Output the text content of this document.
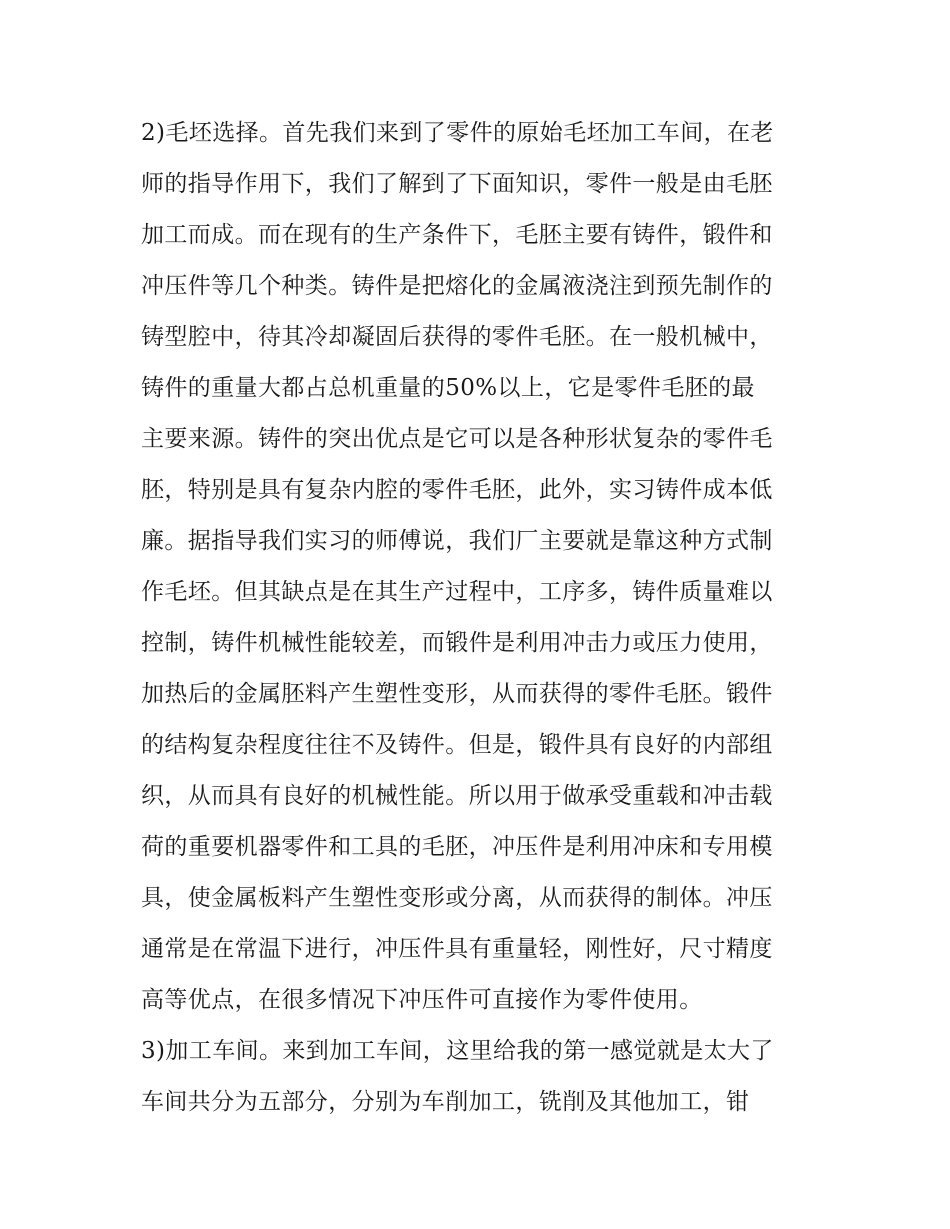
2)毛坯选择。首先我们来到了零件的原始毛坯加工车间，在老
师的指导作用下，我们了解到了下面知识，零件一般是由毛胚
加工而成。而在现有的生产条件下，毛胚主要有铸件，锻件和
冲压件等几个种类。铸件是把熔化的金属液浇注到预先制作的
铸型腔中，待其冷却凝固后获得的零件毛胚。在一般机械中，
铸件的重量大都占总机重量的50%以上，它是零件毛胚的最
主要来源。铸件的突出优点是它可以是各种形状复杂的零件毛
胚，特别是具有复杂内腔的零件毛胚，此外，实习铸件成本低
廉。据指导我们实习的师傅说，我们厂主要就是靠这种方式制
作毛坯。但其缺点是在其生产过程中，工序多，铸件质量难以
控制，铸件机械性能较差，而锻件是利用冲击力或压力使用，
加热后的金属胚料产生塑性变形，从而获得的零件毛胚。锻件
的结构复杂程度往往不及铸件。但是，锻件具有良好的内部组
织，从而具有良好的机械性能。所以用于做承受重载和冲击载
荷的重要机器零件和工具的毛胚，冲压件是利用冲床和专用模
具，使金属板料产生塑性变形或分离，从而获得的制体。冲压
通常是在常温下进行，冲压件具有重量轻，刚性好，尺寸精度
高等优点，在很多情况下冲压件可直接作为零件使用。
3)加工车间。来到加工车间，这里给我的第一感觉就是太大了
车间共分为五部分，分别为车削加工，铣削及其他加工，钳
